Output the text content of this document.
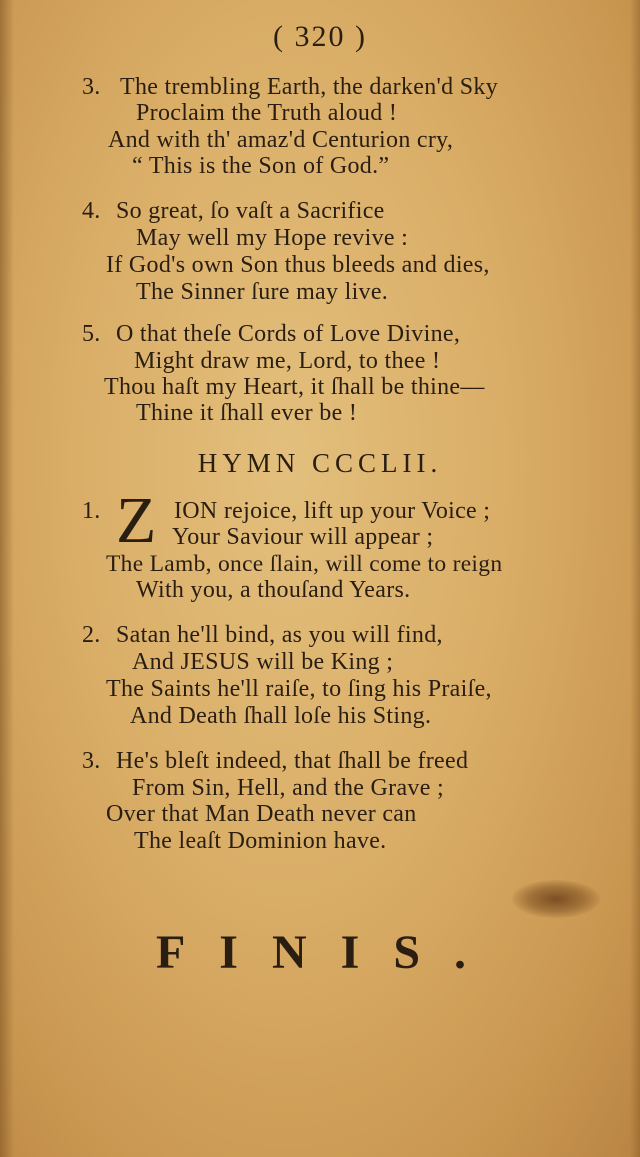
( 320 )
3. The trembling Earth, the darken'd Sky
Proclaim the Truth aloud !
And with th' amaz'd Centurion cry,
“ This is the Son of God.”
4. So great, ſo vaſt a Sacrifice
May well my Hope revive :
If God's own Son thus bleeds and dies,
The Sinner ſure may live.
5. O that theſe Cords of Love Divine,
Might draw me, Lord, to thee !
Thou haſt my Heart, it ſhall be thine—
Thine it ſhall ever be !
HYMN CCCLII.
1. Z ION rejoice, lift up your Voice ;
Your Saviour will appear ;
The Lamb, once ſlain, will come to reign
With you, a thouſand Years.
2. Satan he'll bind, as you will find,
And JESUS will be King ;
The Saints he'll raiſe, to ſing his Praiſe,
And Death ſhall loſe his Sting.
3. He's bleſt indeed, that ſhall be freed
From Sin, Hell, and the Grave ;
Over that Man Death never can
The leaſt Dominion have.
FINIS.
